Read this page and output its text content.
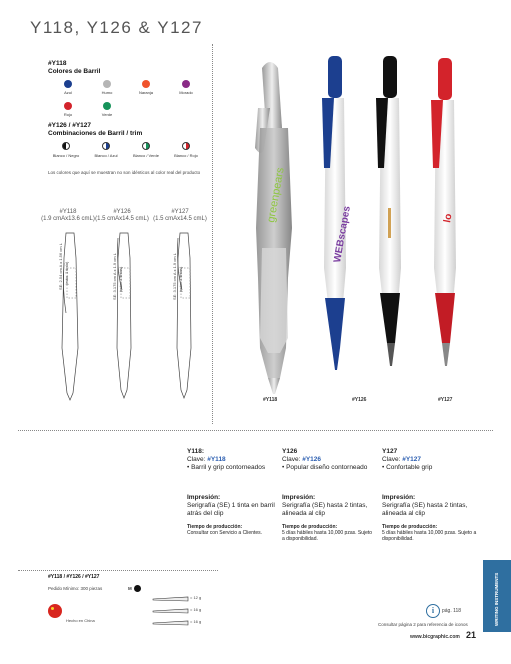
Y118, Y126 & Y127
#Y118
Colores de Barril
Azul	Humo	Naranja	Morado
Rojo	Verde
#Y126 / #Y127
Combinaciones de Barril / trim
Blanco / Negro	Blanco / Azul	Blanco / Verde	Blanco / Rojo
Los colores que aquí se muestran no son idénticos al color real del producto
#Y118
(1.9 cmAx13.6 cmL)
#Y126
(1.5 cmAx14.5 cmL)
#Y127
(1.5 cmAx14.5 cmL)
SE: 2.54 cm A x 1.56 cm L (máx. 1 tinta)	SE: 3.175 cm A x 1.9 cm L (máx. 2 tintas)	SE: 3.175 cm A x 1.9 cm L (máx. 2 tintas)
greenpears
WEBscapes	lo
#Y118	#Y126	#Y127
Y118:
Clave: #Y118
• Barril y grip contorneados
Impresión:
Serigrafía (SE) 1 tinta en barril atrás del clip
Tiempo de producción:
Consultar con Servicio a Clientes.
Y126
Clave: #Y126
• Popular diseño contorneado
Impresión:
Serigrafía (SE) hasta 2 tintas, alineada al clip
Tiempo de producción:
5 días hábiles hasta 10,000 pzas. Sujeto a disponibilidad.
Y127
Clave: #Y127
• Confortable grip
Impresión:
Serigrafía (SE) hasta 2 tintas, alineada al clip
Tiempo de producción:
5 días hábiles hasta 10,000 pzas. Sujeto a disponibilidad.
#Y118 / #Y126 / #Y127
Pedido Mínimo: 300 piezas	M
Hecho en China
= 12 g
= 16 g
= 16 g
i	pág. 118
Consultar página 2 para referencia de iconos
www.bicgraphic.com 21
WRITING INSTRUMENTS
